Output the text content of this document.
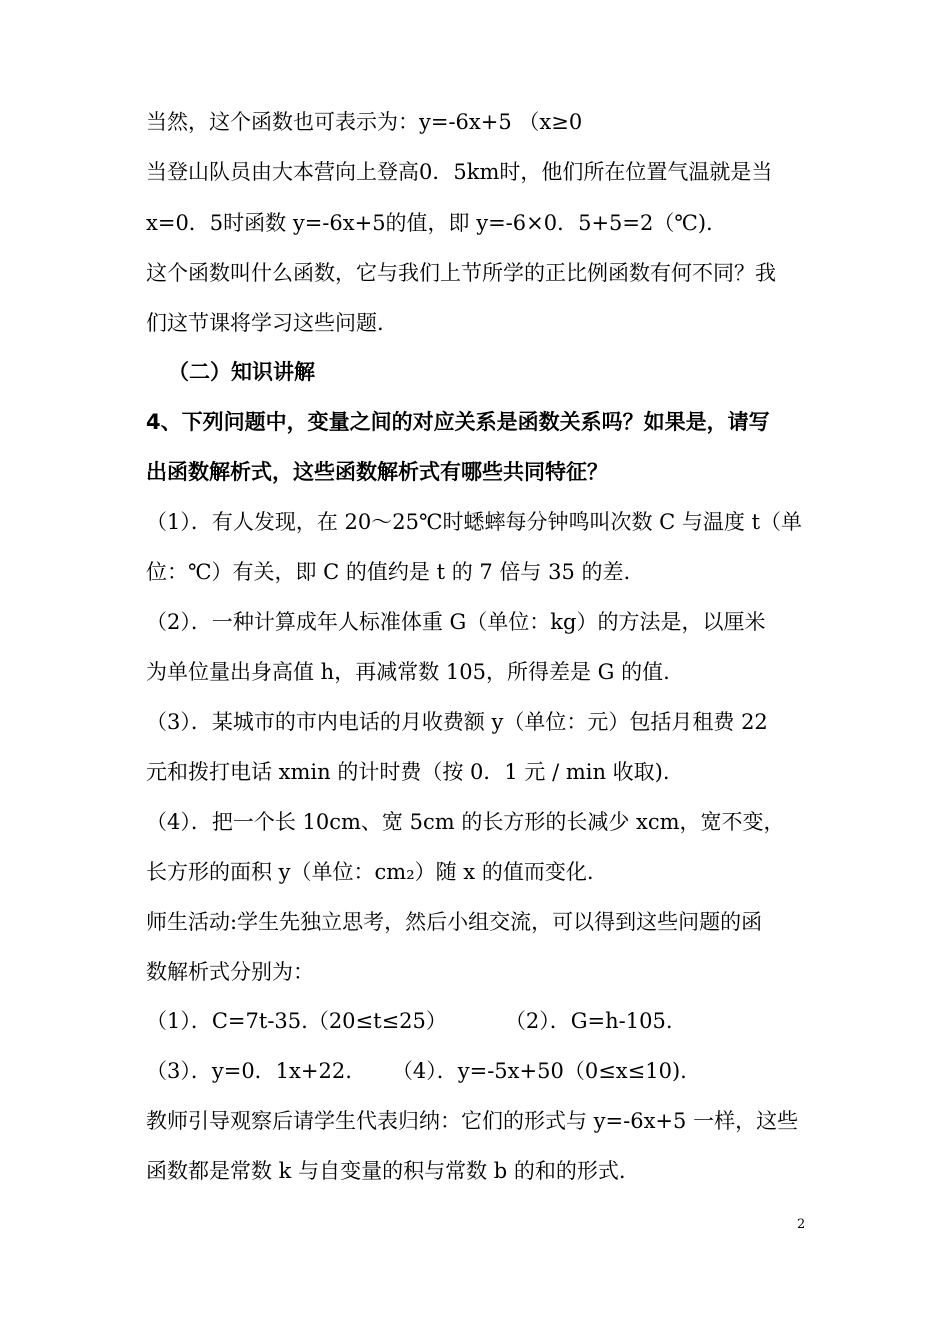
当然，这个函数也可表示为：y=-6x+5 （x≥0
当登山队员由大本营向上登高0．5km时，他们所在位置气温就是当
x=0．5时函数 y=-6x+5的值，即 y=-6×0．5+5=2（℃).
这个函数叫什么函数，它与我们上节所学的正比例函数有何不同？我
们这节课将学习这些问题.
（二）知识讲解
4、下列问题中，变量之间的对应关系是函数关系吗？如果是，请写
出函数解析式，这些函数解析式有哪些共同特征？
（1）．有人发现，在 20～25℃时蟋蟀每分钟鸣叫次数 C 与温度 t（单
位：℃）有关，即 C 的值约是 t 的 7 倍与 35 的差.
（2）．一种计算成年人标准体重 G（单位：kg）的方法是，以厘米
为单位量出身高值 h，再减常数 105，所得差是 G 的值.
（3）．某城市的市内电话的月收费额 y（单位：元）包括月租费 22
元和拨打电话 xmin 的计时费（按 0．1 元 / min 收取).
（4）．把一个长 10cm、宽 5cm 的长方形的长减少 xcm，宽不变，
长方形的面积 y（单位：cm₂）随 x 的值而变化.
师生活动:学生先独立思考，然后小组交流，可以得到这些问题的函
数解析式分别为：
（1）．C=7t-35.（20≤t≤25）	（2）．G=h-105.
（3）．y=0．1x+22. （4）．y=-5x+50（0≤x≤10).
教师引导观察后请学生代表归纳：它们的形式与 y=-6x+5 一样，这些
函数都是常数 k 与自变量的积与常数 b 的和的形式.
2
